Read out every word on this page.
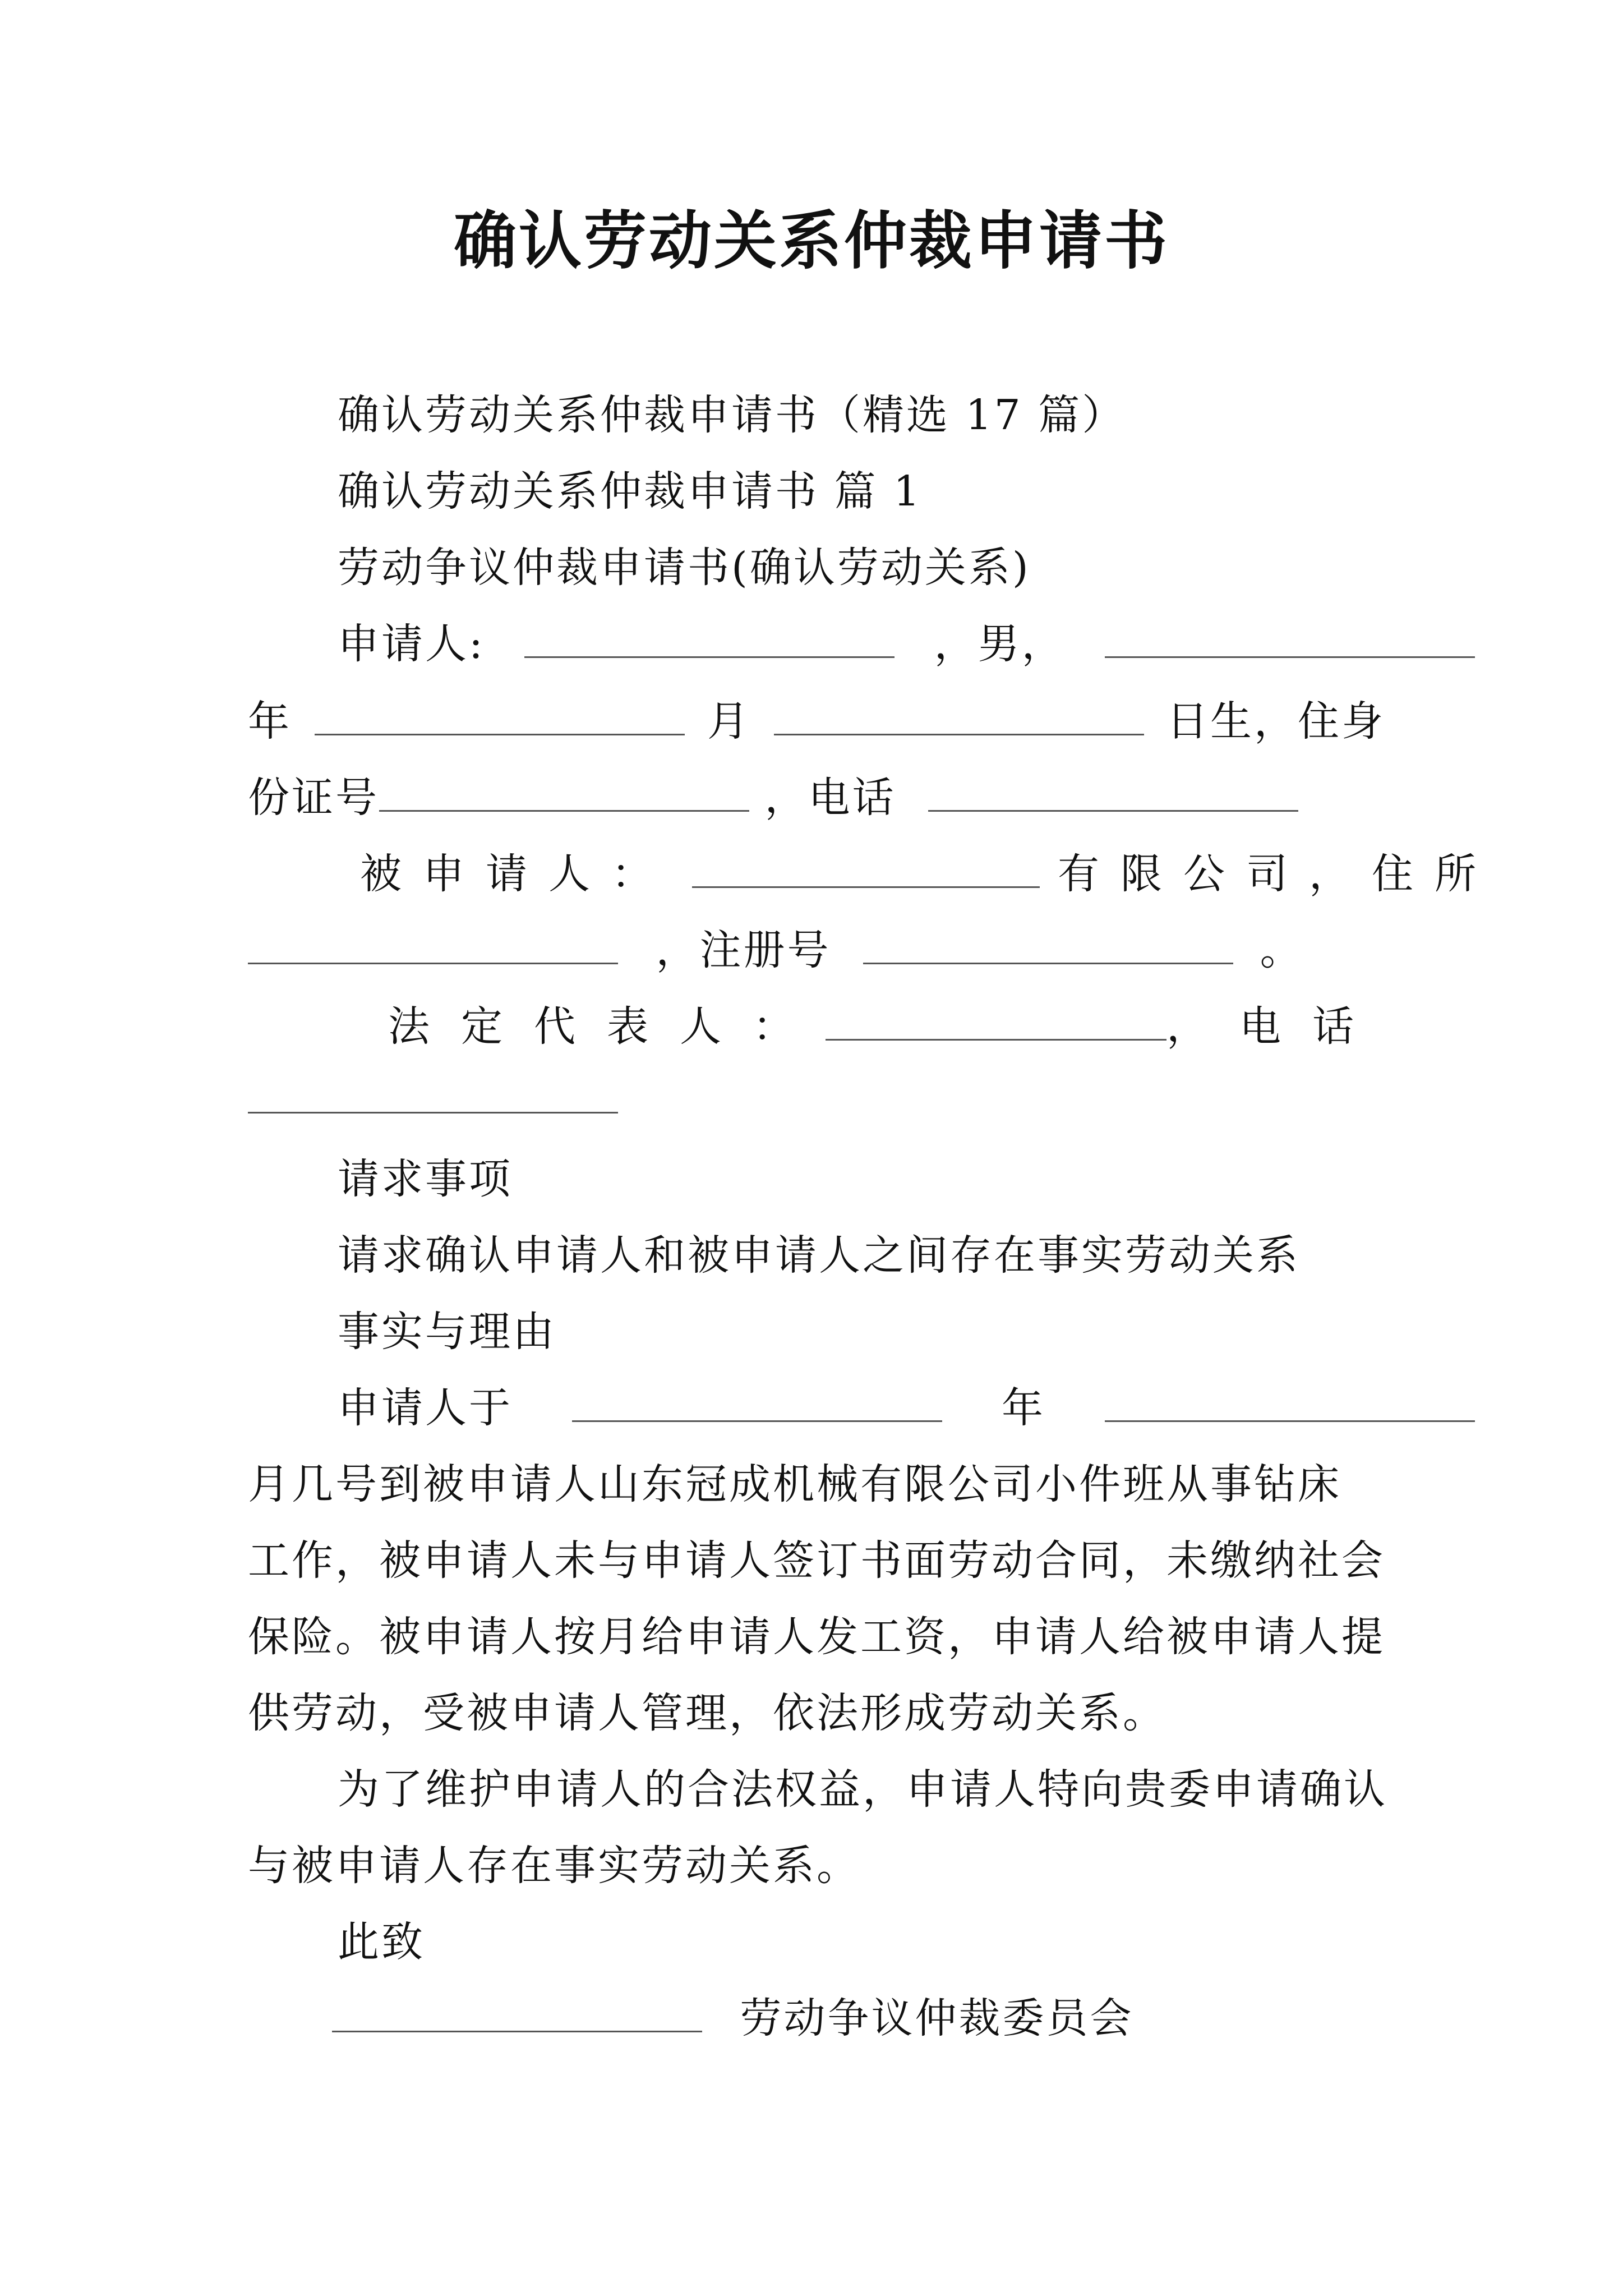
确认劳动关系仲裁申请书
确认劳动关系仲裁申请书（精选 17 篇）
确认劳动关系仲裁申请书 篇 1
劳动争议仲裁申请书(确认劳动关系)
申请人:	，男，
年	月	日生，住身
份证号	，电话
被申请人：	有限公司，住所
，注册号	。
法定代表人：	，电话
请求事项
请求确认申请人和被申请人之间存在事实劳动关系
事实与理由
申请人于	年
月几号到被申请人山东冠成机械有限公司小件班从事钻床
工作，被申请人未与申请人签订书面劳动合同，未缴纳社会
保险。被申请人按月给申请人发工资，申请人给被申请人提
供劳动，受被申请人管理，依法形成劳动关系。
为了维护申请人的合法权益，申请人特向贵委申请确认
与被申请人存在事实劳动关系。
此致
劳动争议仲裁委员会
